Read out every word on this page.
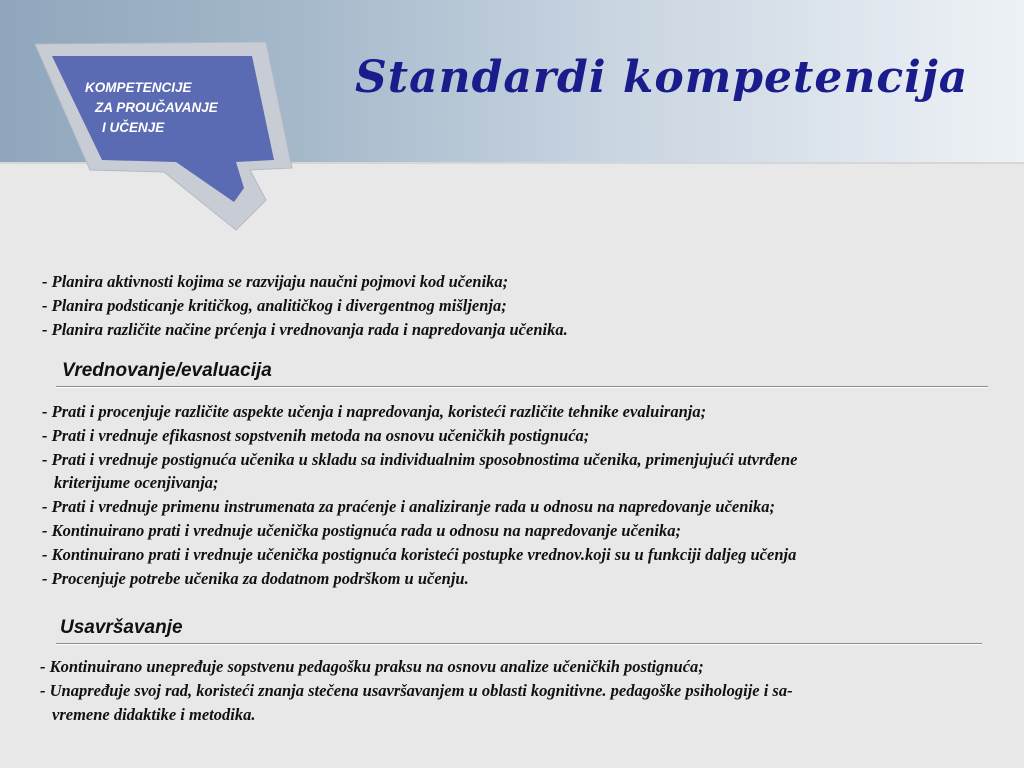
KOMPETENCIJE
ZA PROUČAVANJE
I UČENJE
Standardi kompetencija
- Planira aktivnosti kojima se razvijaju naučni pojmovi kod učenika;
- Planira podsticanje kritičkog, analitičkog i divergentnog mišljenja;
- Planira različite načine prćenja i vrednovanja rada i napredovanja učenika.
Vrednovanje/evaluacija
- Prati i procenjuje različite aspekte učenja i napredovanja, koristeći različite tehnike evaluiranja;
- Prati i vrednuje efikasnost sopstvenih metoda na osnovu učeničkih postignuća;
- Prati i vrednuje postignuća učenika u skladu sa individualnim sposobnostima učenika, primenjujući utvrđene
kriterijume ocenjivanja;
- Prati i vrednuje primenu instrumenata za praćenje i analiziranje rada u odnosu na napredovanje učenika;
- Kontinuirano prati i vrednuje učenička postignuća rada u odnosu na napredovanje učenika;
- Kontinuirano prati i vrednuje učenička postignuća koristeći postupke vrednov.koji su u funkciji daljeg učenja
- Procenjuje potrebe učenika za dodatnom podrškom u učenju.
Usavršavanje
- Kontinuirano unepređuje sopstvenu pedagošku praksu na osnovu analize učeničkih postignuća;
- Unapređuje svoj rad, koristeći znanja stečena usavršavanjem u oblasti kognitivne. pedagoške psihologije i sa-
vremene didaktike i metodika.
